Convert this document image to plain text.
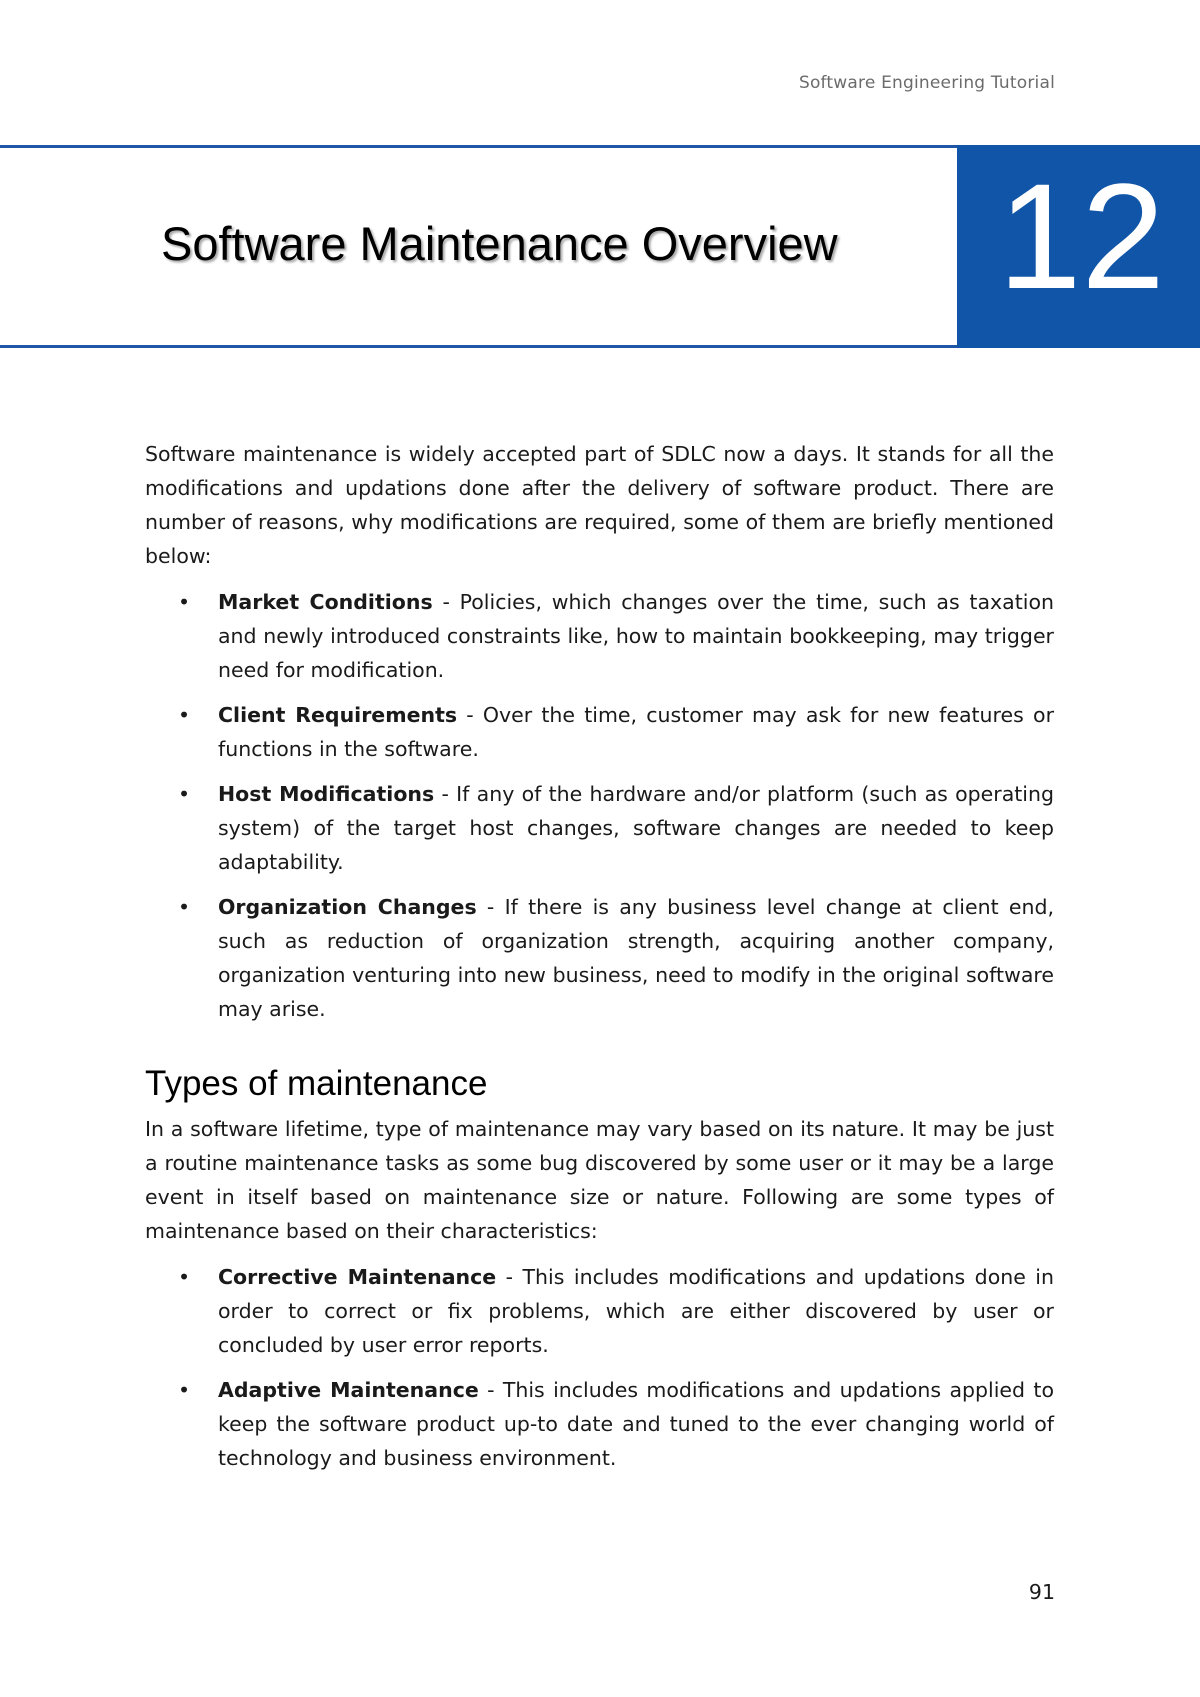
Software Engineering Tutorial
Software Maintenance Overview 12

Software maintenance is widely accepted part of SDLC now a days. It stands for all the modifications and updations done after the delivery of software product. There are number of reasons, why modifications are required, some of them are briefly mentioned below:

• Market Conditions - Policies, which changes over the time, such as taxation and newly introduced constraints like, how to maintain bookkeeping, may trigger need for modification.
• Client Requirements - Over the time, customer may ask for new features or functions in the software.
• Host Modifications - If any of the hardware and/or platform (such as operating system) of the target host changes, software changes are needed to keep adaptability.
• Organization Changes - If there is any business level change at client end, such as reduction of organization strength, acquiring another company, organization venturing into new business, need to modify in the original software may arise.
Types of maintenance

In a software lifetime, type of maintenance may vary based on its nature. It may be just a routine maintenance tasks as some bug discovered by some user or it may be a large event in itself based on maintenance size or nature. Following are some types of maintenance based on their characteristics:

• Corrective Maintenance - This includes modifications and updations done in order to correct or fix problems, which are either discovered by user or concluded by user error reports.
• Adaptive Maintenance - This includes modifications and updations applied to keep the software product up-to date and tuned to the ever changing world of technology and business environment.
91
